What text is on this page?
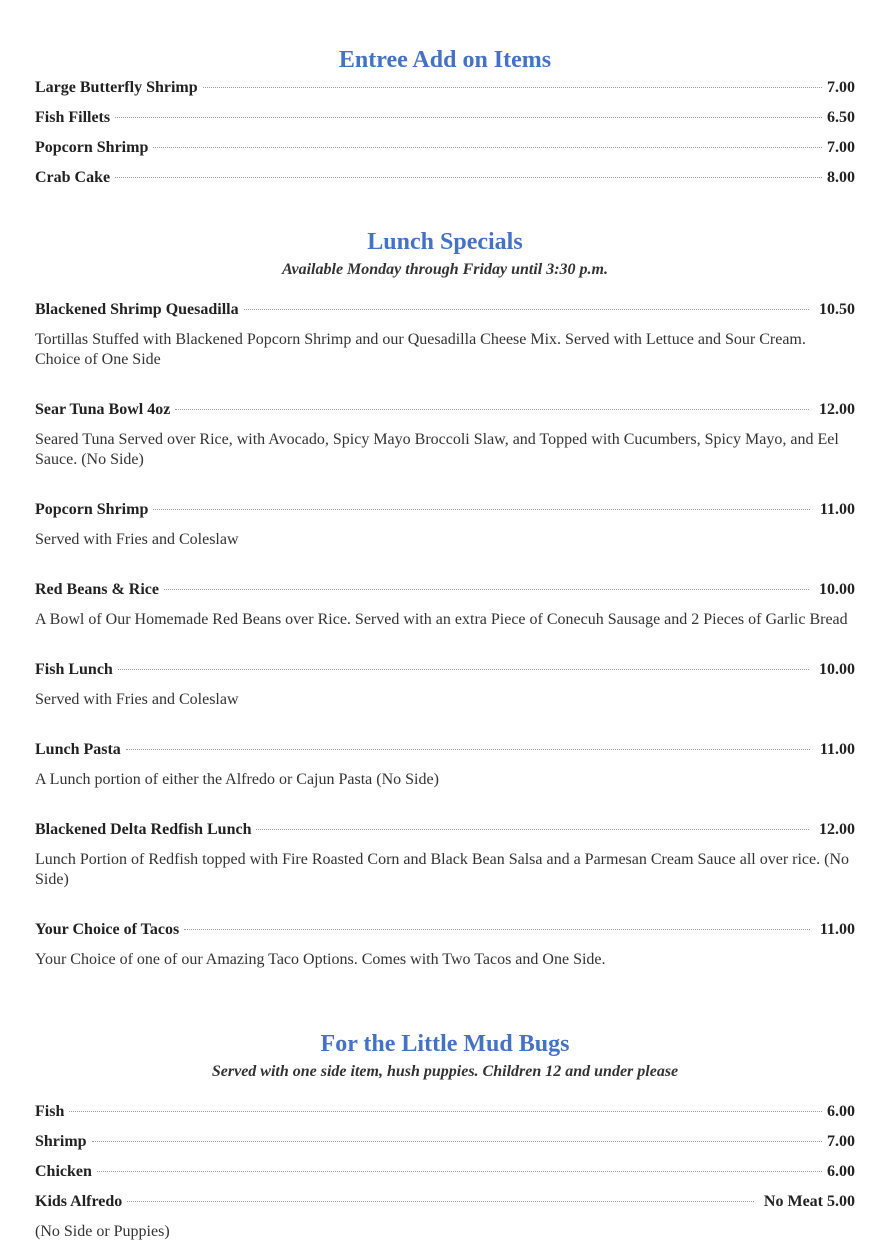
Entree Add on Items
Large Butterfly Shrimp	7.00
Fish Fillets	6.50
Popcorn Shrimp	7.00
Crab Cake	8.00
Lunch Specials
Available Monday through Friday until 3:30 p.m.
Blackened Shrimp Quesadilla	10.50
Tortillas Stuffed with Blackened Popcorn Shrimp and our Quesadilla Cheese Mix. Served with Lettuce and Sour Cream. Choice of One Side
Sear Tuna Bowl 4oz	12.00
Seared Tuna Served over Rice, with Avocado, Spicy Mayo Broccoli Slaw, and Topped with Cucumbers, Spicy Mayo, and Eel Sauce. (No Side)
Popcorn Shrimp	11.00
Served with Fries and Coleslaw
Red Beans & Rice	10.00
A Bowl of Our Homemade Red Beans over Rice. Served with an extra Piece of Conecuh Sausage and 2 Pieces of Garlic Bread
Fish Lunch	10.00
Served with Fries and Coleslaw
Lunch Pasta	11.00
A Lunch portion of either the Alfredo or Cajun Pasta (No Side)
Blackened Delta Redfish Lunch	12.00
Lunch Portion of Redfish topped with Fire Roasted Corn and Black Bean Salsa and a Parmesan Cream Sauce all over rice. (No Side)
Your Choice of Tacos	11.00
Your Choice of one of our Amazing Taco Options. Comes with Two Tacos and One Side.
For the Little Mud Bugs
Served with one side item, hush puppies. Children 12 and under please
Fish	6.00
Shrimp	7.00
Chicken	6.00
Kids Alfredo	No Meat 5.00
(No Side or Puppies)
